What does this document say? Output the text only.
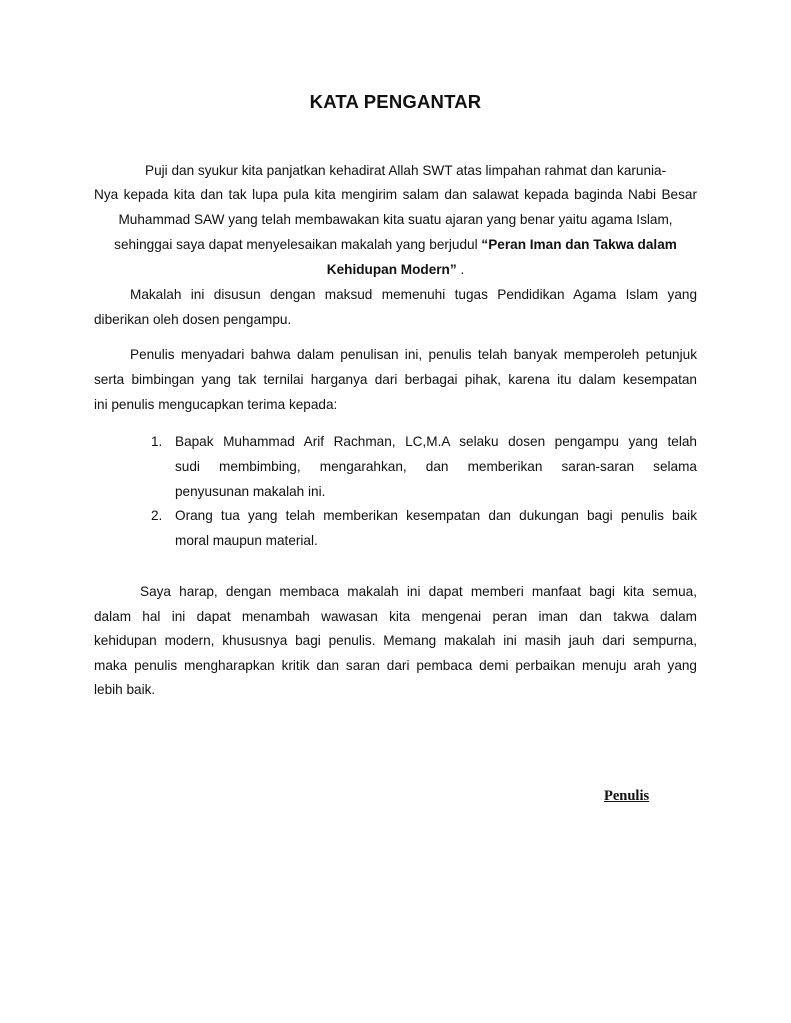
KATA PENGANTAR
Puji dan syukur kita panjatkan kehadirat Allah SWT atas limpahan rahmat dan karunia-
Nya kepada kita dan tak lupa pula kita mengirim salam dan salawat kepada baginda Nabi Besar
Muhammad SAW yang telah membawakan kita suatu ajaran yang benar yaitu agama Islam,
sehinggai saya dapat menyelesaikan makalah yang berjudul “Peran Iman dan Takwa dalam
Kehidupan Modern” .
Makalah ini disusun dengan maksud memenuhi tugas Pendidikan Agama Islam yang
diberikan oleh dosen pengampu.
Penulis menyadari bahwa dalam penulisan ini, penulis telah banyak memperoleh petunjuk
serta bimbingan yang tak ternilai harganya dari berbagai pihak, karena itu dalam kesempatan
ini penulis mengucapkan terima kepada:
1. Bapak Muhammad Arif Rachman, LC,M.A selaku dosen pengampu yang telah
sudi membimbing, mengarahkan, dan memberikan saran-saran selama
penyusunan makalah ini.
2. Orang tua yang telah memberikan kesempatan dan dukungan bagi penulis baik
moral maupun material.
Saya harap, dengan membaca makalah ini dapat memberi manfaat bagi kita semua,
dalam hal ini dapat menambah wawasan kita mengenai peran iman dan takwa dalam
kehidupan modern, khususnya bagi penulis. Memang makalah ini masih jauh dari sempurna,
maka penulis mengharapkan kritik dan saran dari pembaca demi perbaikan menuju arah yang
lebih baik.
Penulis
